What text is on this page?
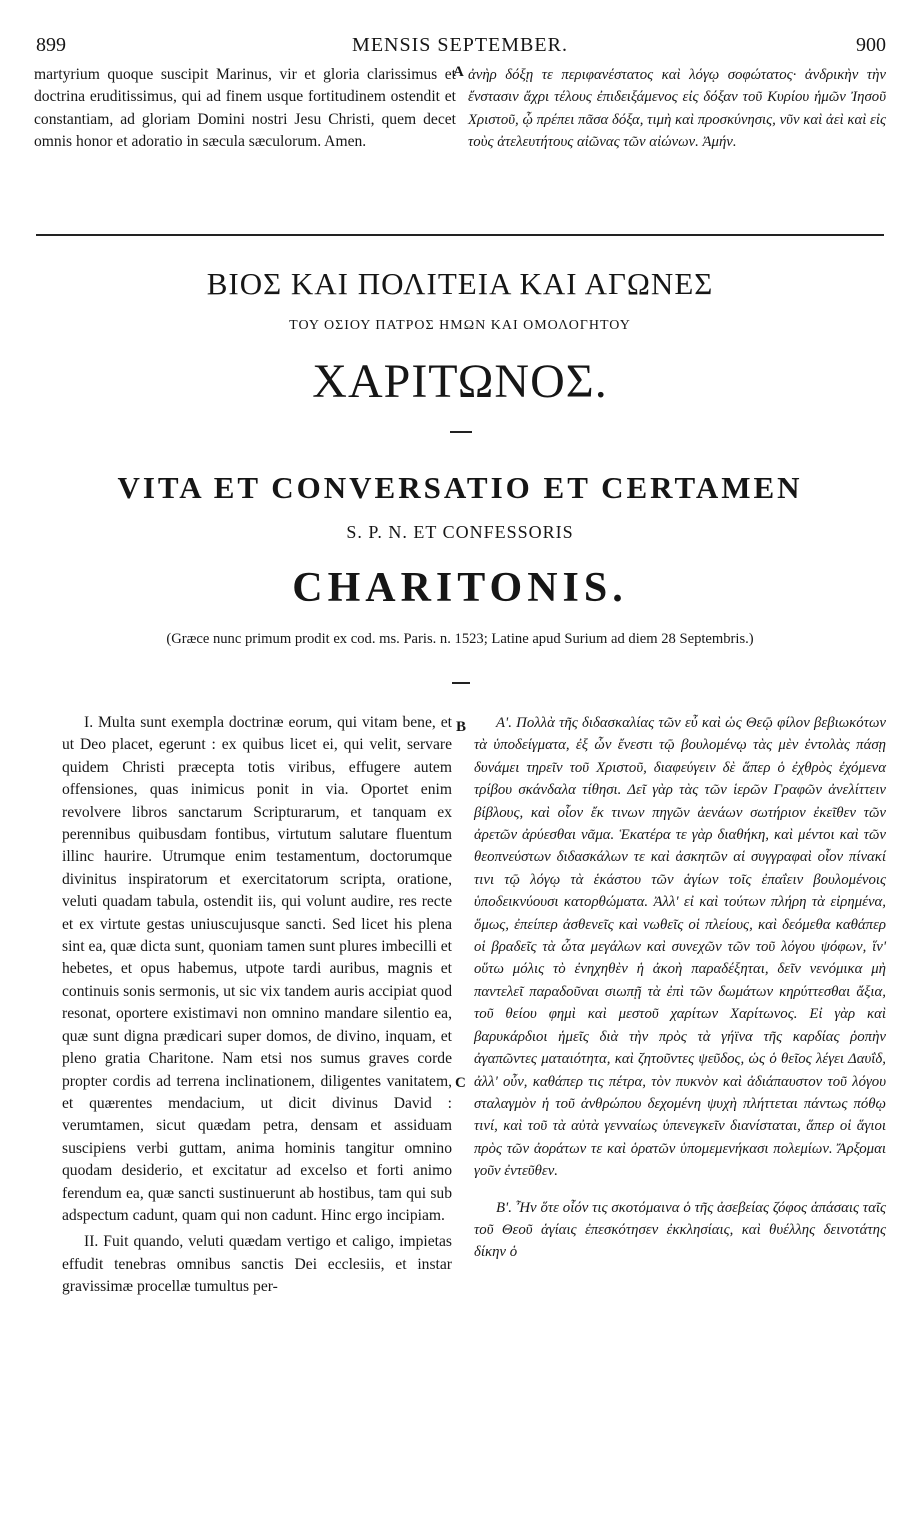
899	MENSIS SEPTEMBER.	900

martyrium quoque suscipit Marinus, vir et gloria clarissimus et doctrina eruditissimus, qui ad finem usque fortitudinem ostendit et constantiam, ad gloriam Domini nostri Jesu Christi, quem decet omnis honor et adoratio in sæcula sæculorum. Amen.

A ἀνὴρ δόξῃ τε περιφανέστατος καὶ λόγῳ σοφώτατος· ἀνδρικὴν τὴν ἔνστασιν ἄχρι τέλους ἐπιδειξάμενος εἰς δόξαν τοῦ Κυρίου ἡμῶν Ἰησοῦ Χριστοῦ, ᾧ πρέπει πᾶσα δόξα, τιμὴ καὶ προσκύνησις, νῦν καὶ ἀεὶ καὶ εἰς τοὺς ἀτελευτήτους αἰῶνας τῶν αἰώνων. Ἀμήν.

ΒΙΟΣ ΚΑΙ ΠΟΛΙΤΕΙΑ ΚΑΙ ΑΓΩΝΕΣ
ΤΟΥ ΟΣΙΟΥ ΠΑΤΡΟΣ ΗΜΩΝ ΚΑΙ ΟΜΟΛΟΓΗΤΟΥ
ΧΑΡΙΤΩΝΟΣ.
VITA ET CONVERSATIO ET CERTAMEN
S. P. N. ET CONFESSORIS
CHARITONIS.
(Græce nunc primum prodit ex cod. ms. Paris. n. 1523; Latine apud Surium ad diem 28 Septembris.)

I. Multa sunt exempla doctrinæ eorum, qui vitam bene, et ut Deo placet, egerunt : ex quibus licet ei, qui velit, servare quidem Christi præcepta totis viribus, effugere autem offensiones, quas inimicus ponit in via. Oportet enim revolvere libros sanctarum Scripturarum, et tanquam ex perennibus quibusdam fontibus, virtutum salutare fluentum illinc haurire. Utrumque enim testamentum, doctorumque divinitus inspiratorum et exercitatorum scripta, oratione, veluti quadam tabula, ostendit iis, qui volunt audire, res recte et ex virtute gestas uniuscujusque sancti. Sed licet his plena sint ea, quæ dicta sunt, quoniam tamen sunt plures imbecilli et hebetes, et opus habemus, utpote tardi auribus, magnis et continuis sonis sermonis, ut sic vix tandem auris accipiat quod resonat, oportere existimavi non omnino mandare silentio ea, quæ sunt digna prædicari super domos, de divino, inquam, et pleno gratia Charitone. Nam etsi nos sumus graves corde propter cordis ad terrena inclinationem, diligentes vanitatem, et quærentes mendacium, ut dicit divinus David : verumtamen, sicut quædam petra, densam et assiduam suscipiens verbi guttam, anima hominis tangitur omnino quodam desiderio, et excitatur ad excelso et forti animo ferendum ea, quæ sancti sustinuerunt ab hostibus, tam qui sub adspectum cadunt, quam qui non cadunt. Hinc ergo incipiam.

II. Fuit quando, veluti quædam vertigo et caligo, impietas effudit tenebras omnibus sanctis Dei ecclesiis, et instar gravissimæ procellæ tumultus per-

B
C

Α'. Πολλὰ τῆς διδασκαλίας τῶν εὖ καὶ ὡς Θεῷ φίλον βεβιωκότων τὰ ὑποδείγματα, ἐξ ὧν ἔνεστι τῷ βουλομένῳ τὰς μὲν ἐντολὰς πάσῃ δυνάμει τηρεῖν τοῦ Χριστοῦ, διαφεύγειν δὲ ἅπερ ὁ ἐχθρὸς ἐχόμενα τρίβου σκάνδαλα τίθησι. Δεῖ γὰρ τὰς τῶν ἱερῶν Γραφῶν ἀνελίττειν βίβλους, καὶ οἷον ἔκ τινων πηγῶν ἀενάων σωτήριον ἐκεῖθεν τῶν ἀρετῶν ἀρύεσθαι νᾶμα. Ἑκατέρα τε γὰρ διαθήκη, καὶ μέντοι καὶ τῶν θεοπνεύστων διδασκάλων τε καὶ ἀσκητῶν αἱ συγγραφαὶ οἷον πίνακί τινι τῷ λόγῳ τὰ ἑκάστου τῶν ἁγίων τοῖς ἐπαΐειν βουλομένοις ὑποδεικνύουσι κατορθώματα. Ἀλλ' εἰ καὶ τούτων πλήρη τὰ εἰρημένα, ὅμως, ἐπείπερ ἀσθενεῖς καὶ νωθεῖς οἱ πλείους, καὶ δεόμεθα καθάπερ οἱ βραδεῖς τὰ ὦτα μεγάλων καὶ συνεχῶν τῶν τοῦ λόγου ψόφων, ἵν' οὕτω μόλις τὸ ἐνηχηθὲν ἡ ἀκοὴ παραδέξηται, δεῖν νενόμικα μὴ παντελεῖ παραδοῦναι σιωπῇ τὰ ἐπὶ τῶν δωμάτων κηρύττεσθαι ἄξια, τοῦ θείου φημὶ καὶ μεστοῦ χαρίτων Χαρίτωνος. Εἰ γὰρ καὶ βαρυκάρδιοι ἡμεῖς διὰ τὴν πρὸς τὰ γήϊνα τῆς καρδίας ῥοπὴν ἀγαπῶντες ματαιότητα, καὶ ζητοῦντες ψεῦδος, ὡς ὁ θεῖος λέγει Δαυΐδ, ἀλλ' οὖν, καθάπερ τις πέτρα, τὸν πυκνὸν καὶ ἀδιάπαυστον τοῦ λόγου σταλαγμὸν ἡ τοῦ ἀνθρώπου δεχομένη ψυχὴ πλήττεται πάντως πόθῳ τινί, καὶ τοῦ τὰ αὐτὰ γενναίως ὑπενεγκεῖν διανίσταται, ἅπερ οἱ ἅγιοι πρὸς τῶν ἀοράτων τε καὶ ὁρατῶν ὑπομεμενήκασι πολεμίων. Ἄρξομαι γοῦν ἐντεῦθεν.

Β'. Ἦν ὅτε οἷόν τις σκοτόμαινα ὁ τῆς ἀσεβείας ζόφος ἁπάσαις ταῖς τοῦ Θεοῦ ἁγίαις ἐπεσκότησεν ἐκκλησίαις, καὶ θυέλλης δεινοτάτης δίκην ὁ
